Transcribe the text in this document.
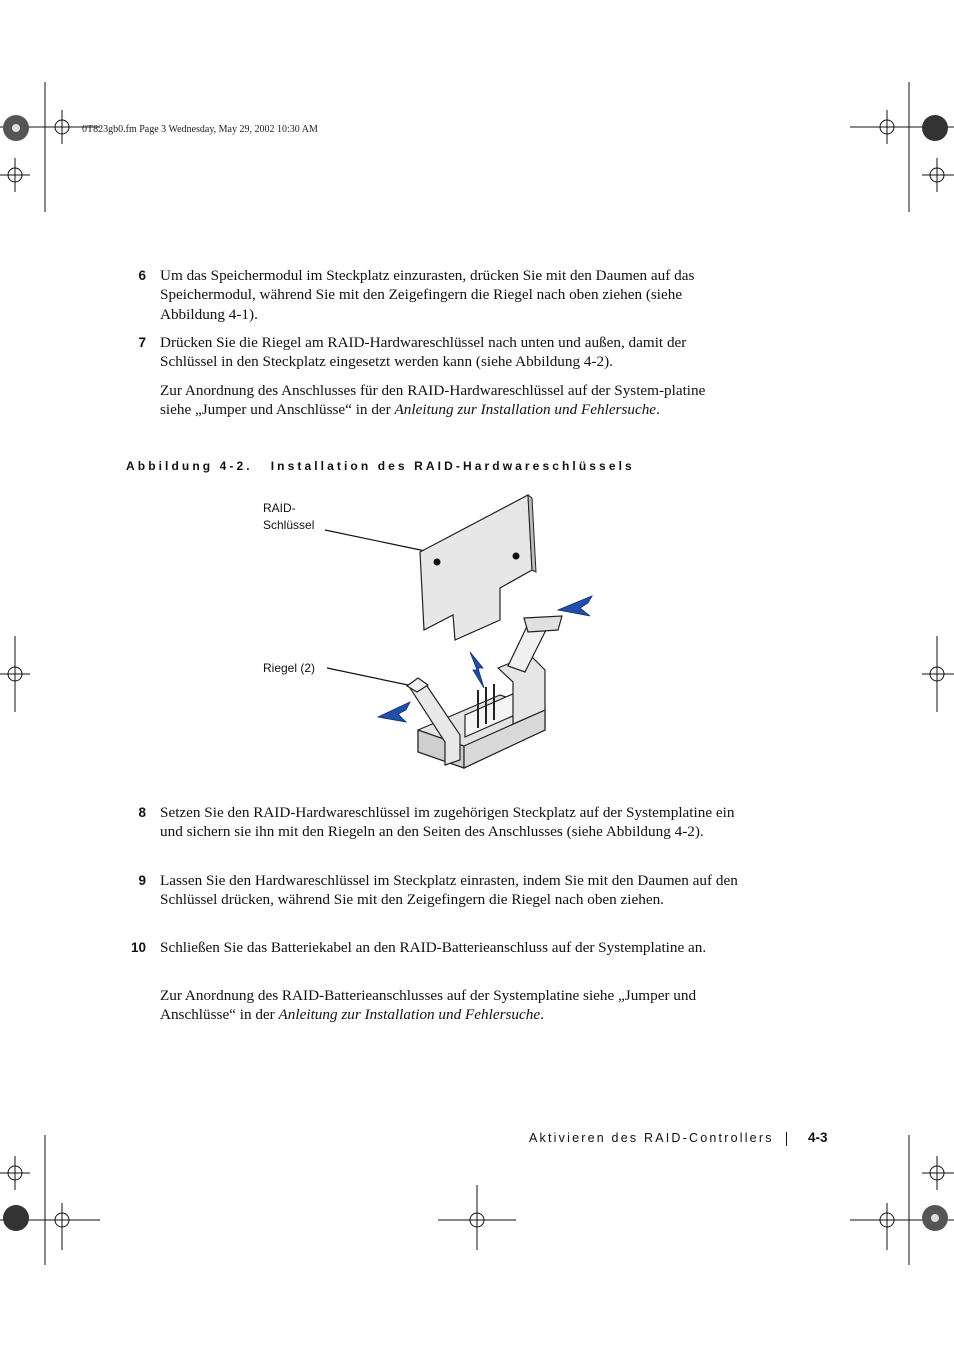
0T823gb0.fm Page 3 Wednesday, May 29, 2002 10:30 AM
6 Um das Speichermodul im Steckplatz einzurasten, drücken Sie mit den Daumen auf das Speichermodul, während Sie mit den Zeigefingern die Riegel nach oben ziehen (siehe Abbildung 4-1).
7 Drücken Sie die Riegel am RAID-Hardwareschlüssel nach unten und außen, damit der Schlüssel in den Steckplatz eingesetzt werden kann (siehe Abbildung 4-2).
Zur Anordnung des Anschlusses für den RAID-Hardwareschlüssel auf der System-platine siehe „Jumper und Anschlüsse“ in der Anleitung zur Installation und Fehlersuche.
Abbildung 4-2. Installation des RAID-Hardwareschlüssels
RAID-
Schlüssel
Riegel (2)
8 Setzen Sie den RAID-Hardwareschlüssel im zugehörigen Steckplatz auf der Systemplatine ein und sichern sie ihn mit den Riegeln an den Seiten des Anschlusses (siehe Abbildung 4-2).
9 Lassen Sie den Hardwareschlüssel im Steckplatz einrasten, indem Sie mit den Daumen auf den Schlüssel drücken, während Sie mit den Zeigefingern die Riegel nach oben ziehen.
10 Schließen Sie das Batteriekabel an den RAID-Batterieanschluss auf der Systemplatine an.
Zur Anordnung des RAID-Batterieanschlusses auf der Systemplatine siehe „Jumper und Anschlüsse“ in der Anleitung zur Installation und Fehlersuche.
Aktivieren des RAID-Controllers	4-3
